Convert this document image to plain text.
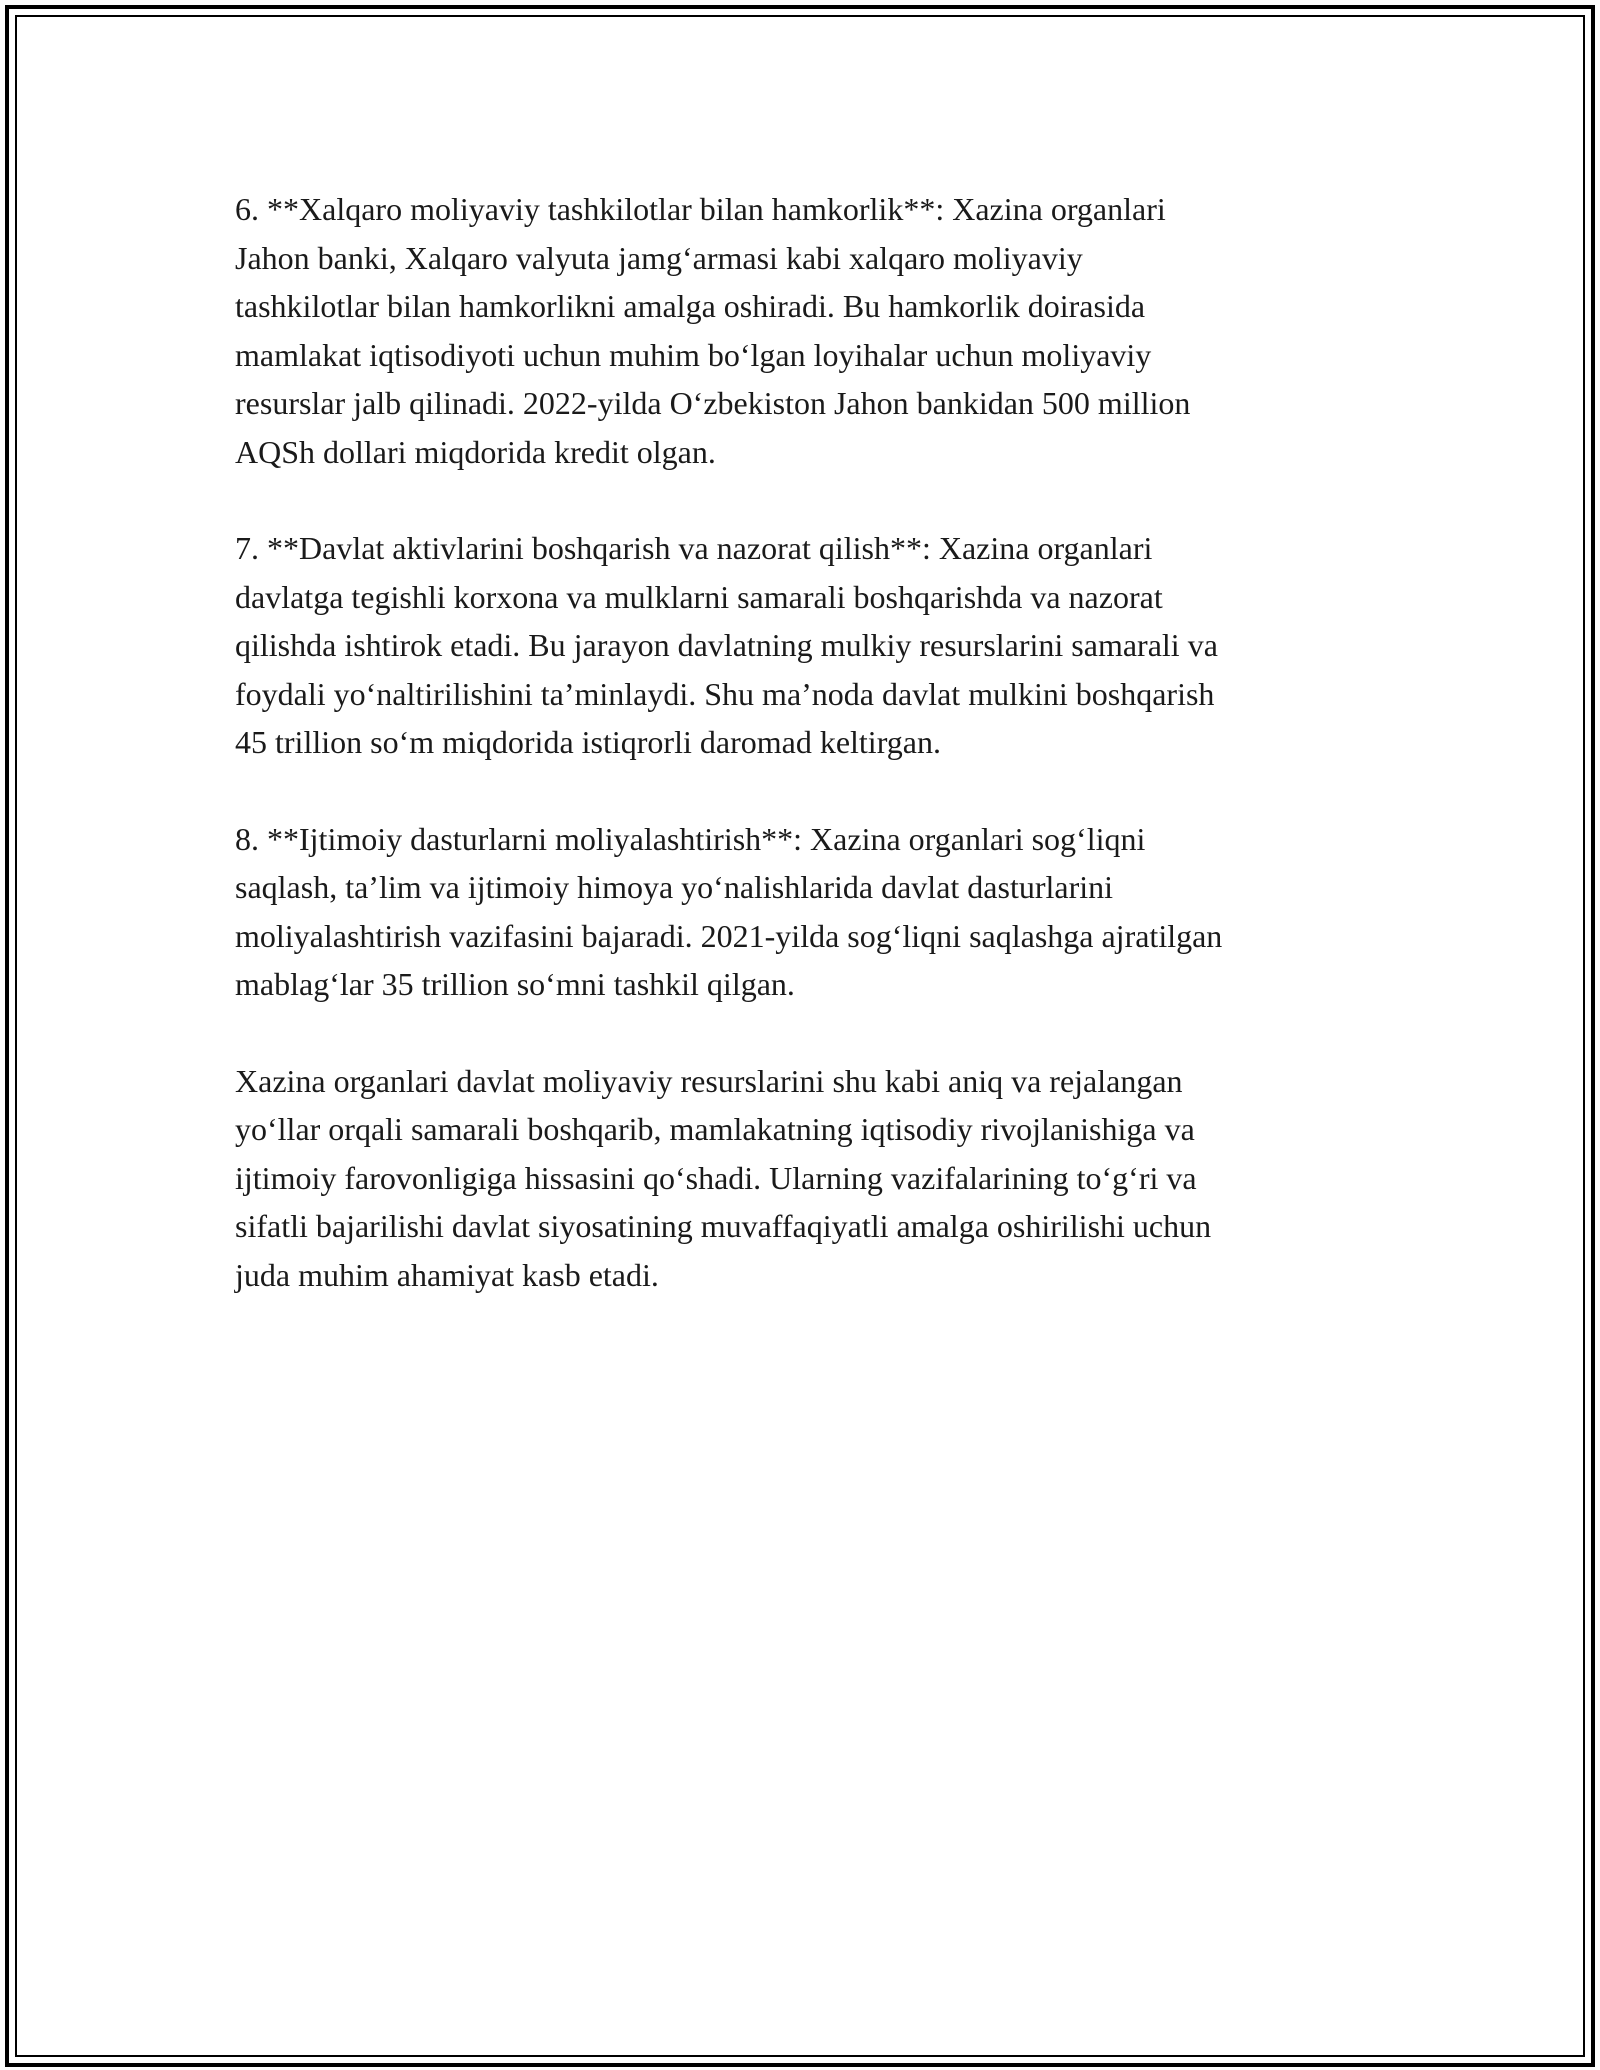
6. **Xalqaro moliyaviy tashkilotlar bilan hamkorlik**: Xazina organlari
Jahon banki, Xalqaro valyuta jamg‘armasi kabi xalqaro moliyaviy
tashkilotlar bilan hamkorlikni amalga oshiradi. Bu hamkorlik doirasida
mamlakat iqtisodiyoti uchun muhim bo‘lgan loyihalar uchun moliyaviy
resurslar jalb qilinadi. 2022-yilda O‘zbekiston Jahon bankidan 500 million
AQSh dollari miqdorida kredit olgan.

7. **Davlat aktivlarini boshqarish va nazorat qilish**: Xazina organlari
davlatga tegishli korxona va mulklarni samarali boshqarishda va nazorat
qilishda ishtirok etadi. Bu jarayon davlatning mulkiy resurslarini samarali va
foydali yo‘naltirilishini ta’minlaydi. Shu ma’noda davlat mulkini boshqarish
45 trillion so‘m miqdorida istiqrorli daromad keltirgan.

8. **Ijtimoiy dasturlarni moliyalashtirish**: Xazina organlari sog‘liqni
saqlash, ta’lim va ijtimoiy himoya yo‘nalishlarida davlat dasturlarini
moliyalashtirish vazifasini bajaradi. 2021-yilda sog‘liqni saqlashga ajratilgan
mablag‘lar 35 trillion so‘mni tashkil qilgan.

Xazina organlari davlat moliyaviy resurslarini shu kabi aniq va rejalangan
yo‘llar orqali samarali boshqarib, mamlakatning iqtisodiy rivojlanishiga va
ijtimoiy farovonligiga hissasini qo‘shadi. Ularning vazifalarining to‘g‘ri va
sifatli bajarilishi davlat siyosatining muvaffaqiyatli amalga oshirilishi uchun
juda muhim ahamiyat kasb etadi.
